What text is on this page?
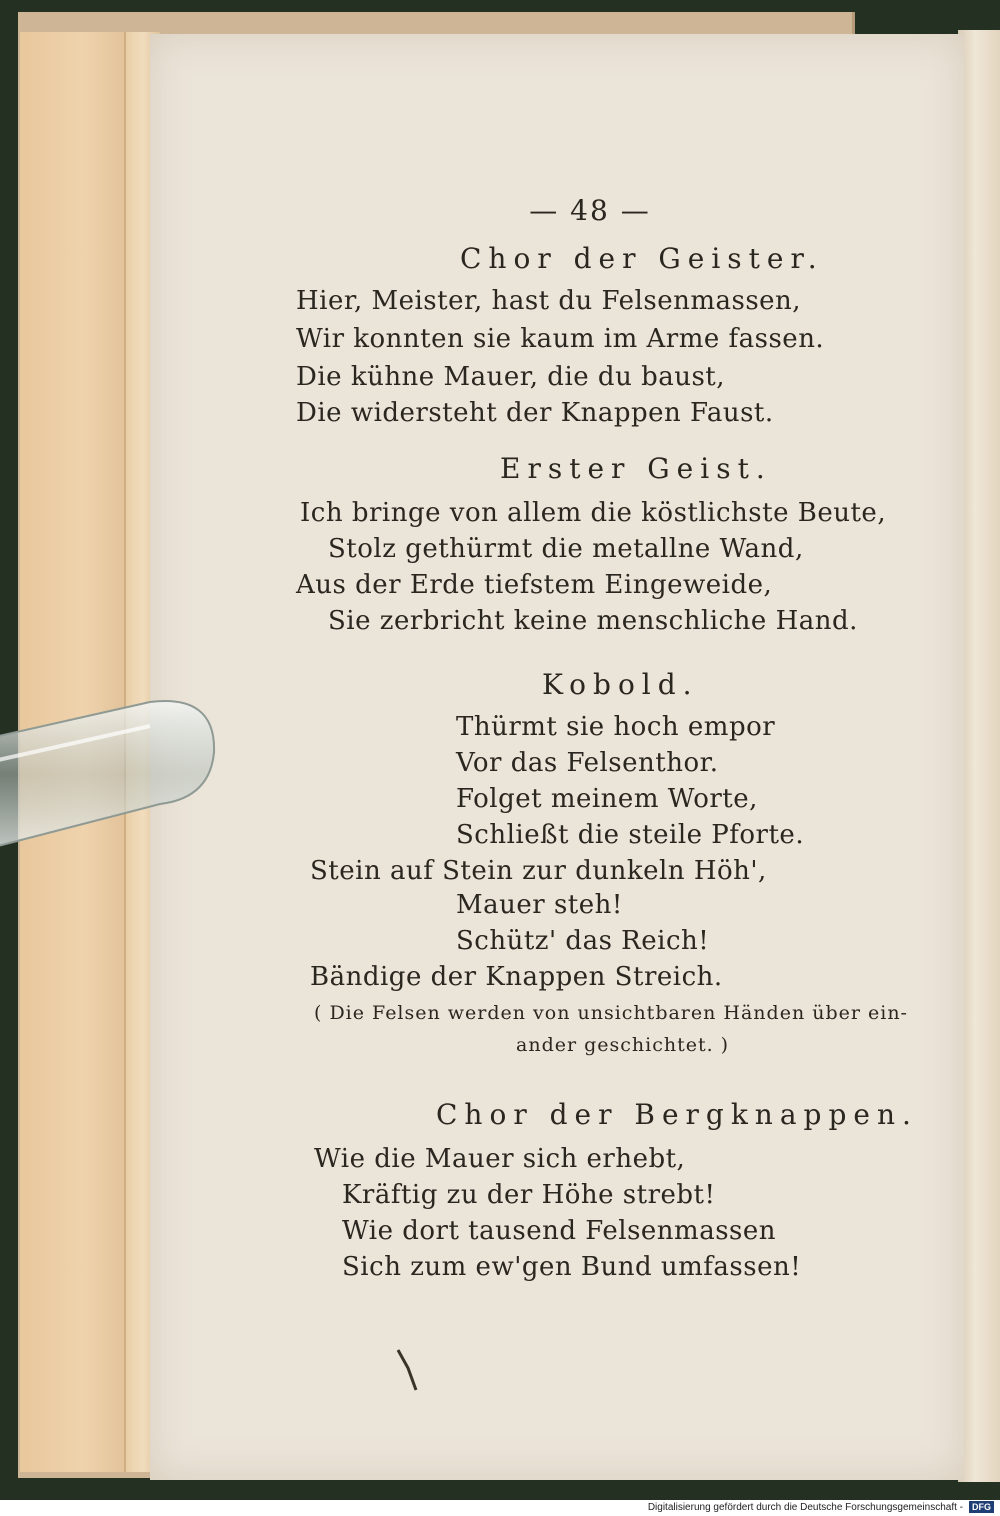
— 48 —
Chor der Geister.
Hier, Meister, hast du Felsenmassen,
Wir konnten sie kaum im Arme fassen.
Die kühne Mauer, die du baust,
Die widersteht der Knappen Faust.
Erster Geist.
Ich bringe von allem die köstlichste Beute,
Stolz gethürmt die metallne Wand,
Aus der Erde tiefstem Eingeweide,
Sie zerbricht keine menschliche Hand.
Kobold.
Thürmt sie hoch empor
Vor das Felsenthor.
Folget meinem Worte,
Schließt die steile Pforte.
Stein auf Stein zur dunkeln Höh',
Mauer steh!
Schütz' das Reich!
Bändige der Knappen Streich.
( Die Felsen werden von unsichtbaren Händen über ein-
ander geschichtet. )
Chor der Bergknappen.
Wie die Mauer sich erhebt,
Kräftig zu der Höhe strebt!
Wie dort tausend Felsenmassen
Sich zum ew'gen Bund umfassen!
Digitalisierung gefördert durch die Deutsche Forschungsgemeinschaft - DFG
